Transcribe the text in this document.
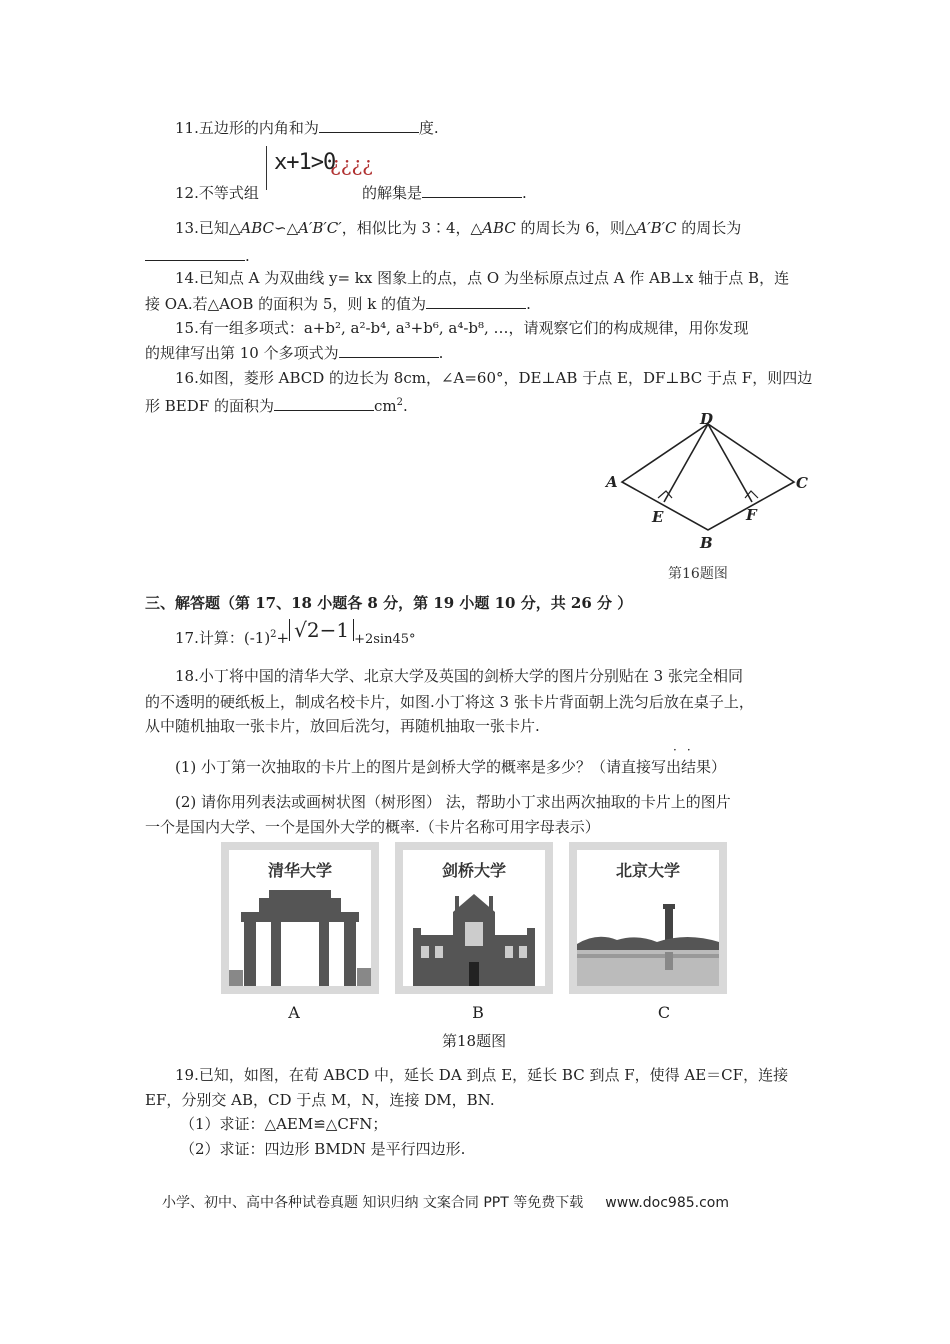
11.五边形的内角和为	度.
12.不等式组
x+1>0
¿¿¿¿
的解集是	.
13.已知△ABC∽△A′B′C′，相似比为 3∶4，△ABC 的周长为 6，则△A′B′C 的周长为
.
14.已知点 A 为双曲线 y= kx 图象上的点，点 O 为坐标原点过点 A 作 AB⊥x 轴于点 B，连
接 OA.若△AOB 的面积为 5，则 k 的值为	.
15.有一组多项式：a+b², a²-b⁴, a³+b⁶, a⁴-b⁸, …，请观察它们的构成规律，用你发现
的规律写出第 10 个多项式为	.
16.如图，菱形 ABCD 的边长为 8cm，∠A=60°，DE⊥AB 于点 E，DF⊥BC 于点 F，则四边
形 BEDF 的面积为	$cm^2$.
D
A	C
E	F
B
第16题图
三、解答题（第 17、18 小题各 8 分，第 19 小题 10 分，共 26 分 ）
17.计算：$(-1)^2+ √2-1 +2\sin 45^\circ$
18.小丁将中国的清华大学、北京大学及英国的剑桥大学的图片分别贴在 3 张完全相同
的不透明的硬纸板上，制成名校卡片，如图.小丁将这 3 张卡片背面朝上洗匀后放在桌子上，
从中随机抽取一张卡片，放回后洗匀，再随机抽取一张卡片.
··
(1) 小丁第一次抽取的卡片上的图片是剑桥大学的概率是多少？（请直接写出结果）
(2) 请你用列表法或画树状图（树形图） 法，帮助小丁求出两次抽取的卡片上的图片
一个是国内大学、一个是国外大学的概率.（卡片名称可用字母表示）
清华大学	剑桥大学	北京大学
A	B	C
第18题图
19.已知，如图，在荀 ABCD 中，延长 DA 到点 E，延长 BC 到点 F，使得 AE＝CF，连接
EF，分别交 AB，CD 于点 M，N，连接 DM，BN.
（1）求证：△AEM≌△CFN；
（2）求证：四边形 BMDN 是平行四边形.
小学、初中、高中各种试卷真题 知识归纳 文案合同 PPT 等免费下载 www.doc985.com
